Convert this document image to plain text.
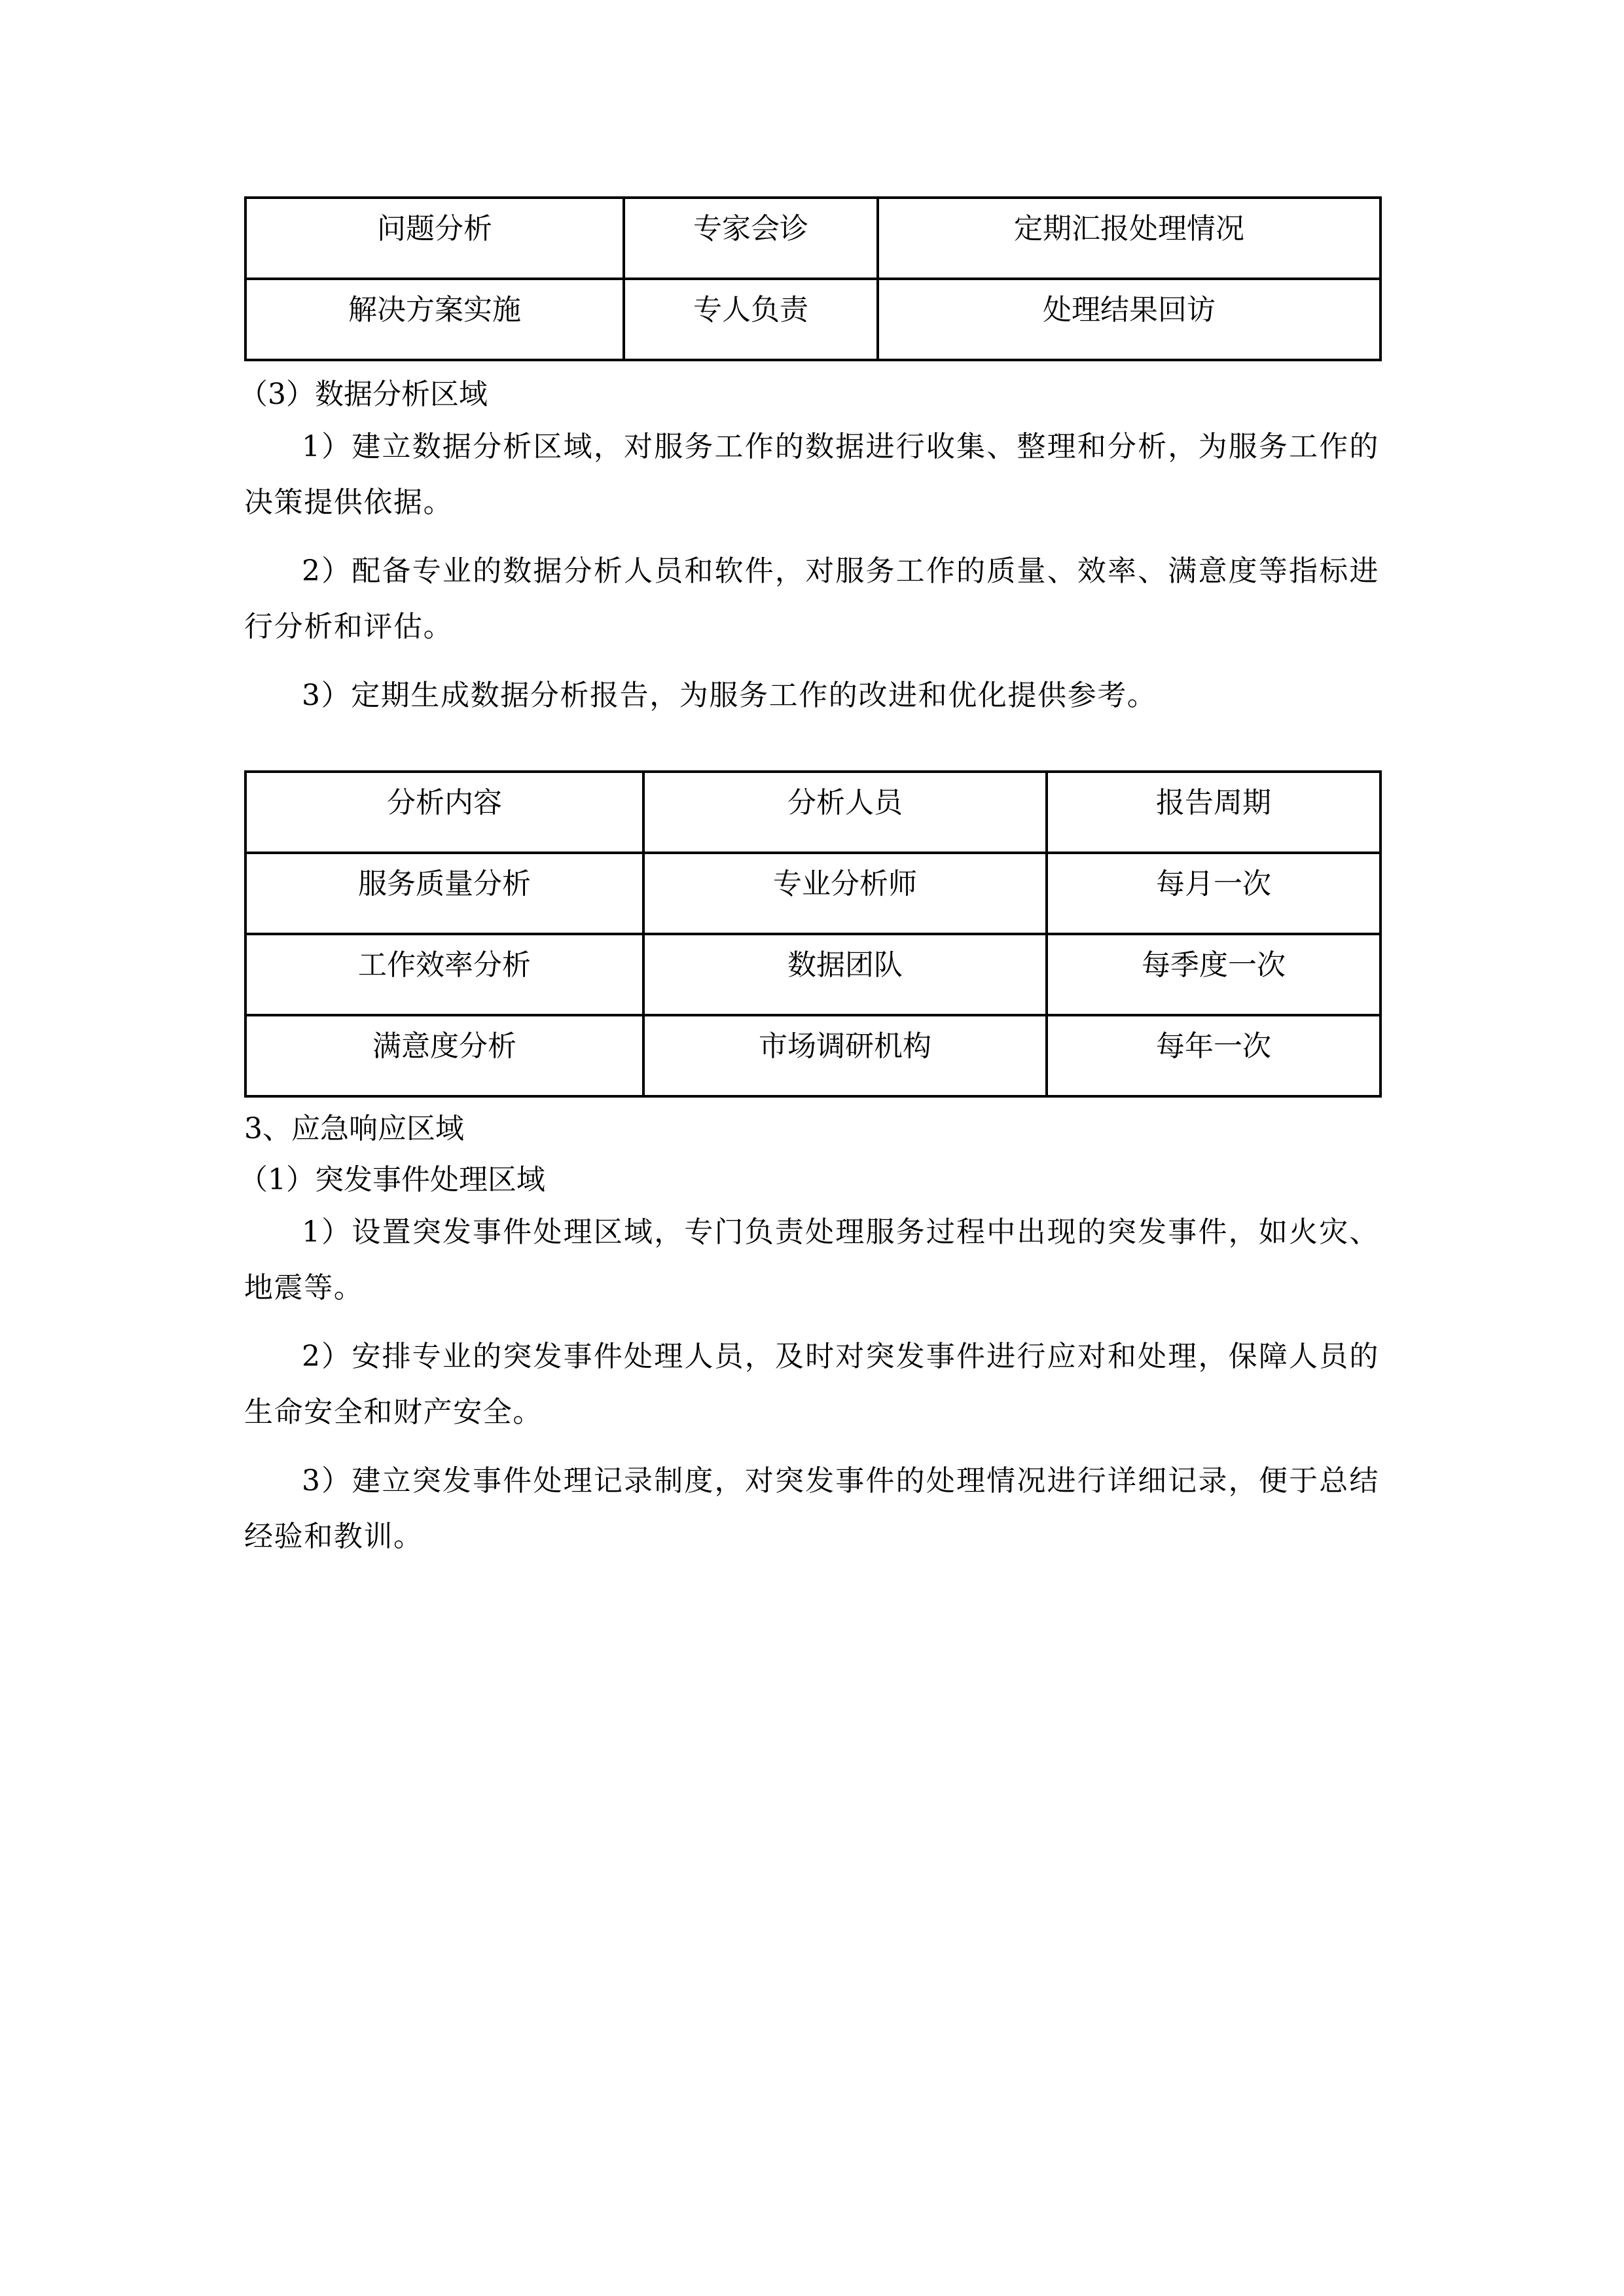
问题分析	专家会诊	定期汇报处理情况
解决方案实施	专人负责	处理结果回访
（3）数据分析区域

1）建立数据分析区域，对服务工作的数据进行收集、整理和分析，为服务工作的决策提供依据。

2）配备专业的数据分析人员和软件，对服务工作的质量、效率、满意度等指标进行分析和评估。

3）定期生成数据分析报告，为服务工作的改进和优化提供参考。

分析内容	分析人员	报告周期
服务质量分析	专业分析师	每月一次
工作效率分析	数据团队	每季度一次
满意度分析	市场调研机构	每年一次
3、应急响应区域
（1）突发事件处理区域

1）设置突发事件处理区域，专门负责处理服务过程中出现的突发事件，如火灾、地震等。

2）安排专业的突发事件处理人员，及时对突发事件进行应对和处理，保障人员的生命安全和财产安全。

3）建立突发事件处理记录制度，对突发事件的处理情况进行详细记录，便于总结经验和教训。
